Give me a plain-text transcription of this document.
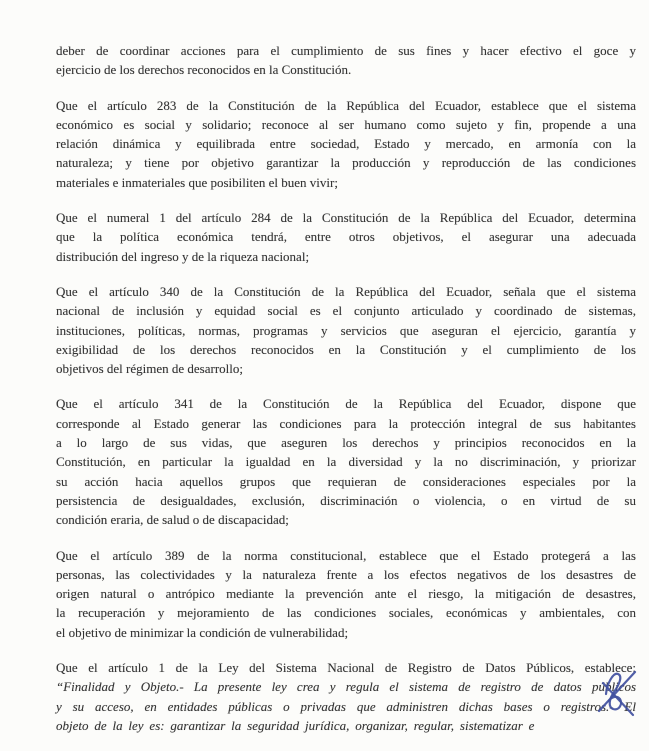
deber de coordinar acciones para el cumplimiento de sus fines y hacer efectivo el goce y
ejercicio de los derechos reconocidos en la Constitución.

Que el artículo 283 de la Constitución de la República del Ecuador, establece que el sistema
económico es social y solidario; reconoce al ser humano como sujeto y fin, propende a una
relación dinámica y equilibrada entre sociedad, Estado y mercado, en armonía con la
naturaleza; y tiene por objetivo garantizar la producción y reproducción de las condiciones
materiales e inmateriales que posibiliten el buen vivir;

Que el numeral 1 del artículo 284 de la Constitución de la República del Ecuador, determina
que la política económica tendrá, entre otros objetivos, el asegurar una adecuada
distribución del ingreso y de la riqueza nacional;

Que el artículo 340 de la Constitución de la República del Ecuador, señala que el sistema
nacional de inclusión y equidad social es el conjunto articulado y coordinado de sistemas,
instituciones, políticas, normas, programas y servicios que aseguran el ejercicio, garantía y
exigibilidad de los derechos reconocidos en la Constitución y el cumplimiento de los
objetivos del régimen de desarrollo;

Que el artículo 341 de la Constitución de la República del Ecuador, dispone que
corresponde al Estado generar las condiciones para la protección integral de sus habitantes
a lo largo de sus vidas, que aseguren los derechos y principios reconocidos en la
Constitución, en particular la igualdad en la diversidad y la no discriminación, y priorizar
su acción hacia aquellos grupos que requieran de consideraciones especiales por la
persistencia de desigualdades, exclusión, discriminación o violencia, o en virtud de su
condición eraria, de salud o de discapacidad;

Que el artículo 389 de la norma constitucional, establece que el Estado protegerá a las
personas, las colectividades y la naturaleza frente a los efectos negativos de los desastres de
origen natural o antrópico mediante la prevención ante el riesgo, la mitigación de desastres,
la recuperación y mejoramiento de las condiciones sociales, económicas y ambientales, con
el objetivo de minimizar la condición de vulnerabilidad;

Que el artículo 1 de la Ley del Sistema Nacional de Registro de Datos Públicos, establece:
“Finalidad y Objeto.- La presente ley crea y regula el sistema de registro de datos públicos
y su acceso, en entidades públicas o privadas que administren dichas bases o registros.- El
objeto de la ley es: garantizar la seguridad jurídica, organizar, regular, sistematizar e
